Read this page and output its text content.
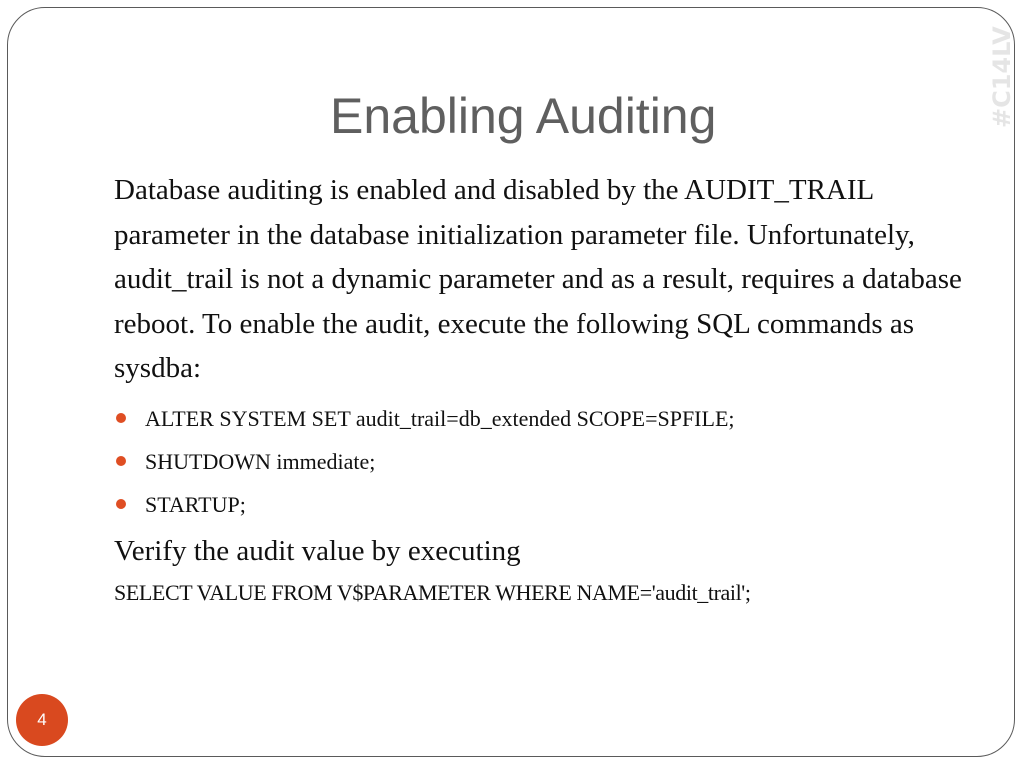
Enabling Auditing	#C14LV

Database auditing is enabled and disabled by the AUDIT_TRAIL parameter in the database initialization parameter file. Unfortunately, audit_trail is not a dynamic parameter and as a result, requires a database reboot. To enable the audit, execute the following SQL commands as sysdba:

ALTER SYSTEM SET audit_trail=db_extended SCOPE=SPFILE;
SHUTDOWN immediate;
STARTUP;

Verify the audit value by executing

SELECT VALUE FROM V$PARAMETER WHERE NAME='audit_trail';

4
